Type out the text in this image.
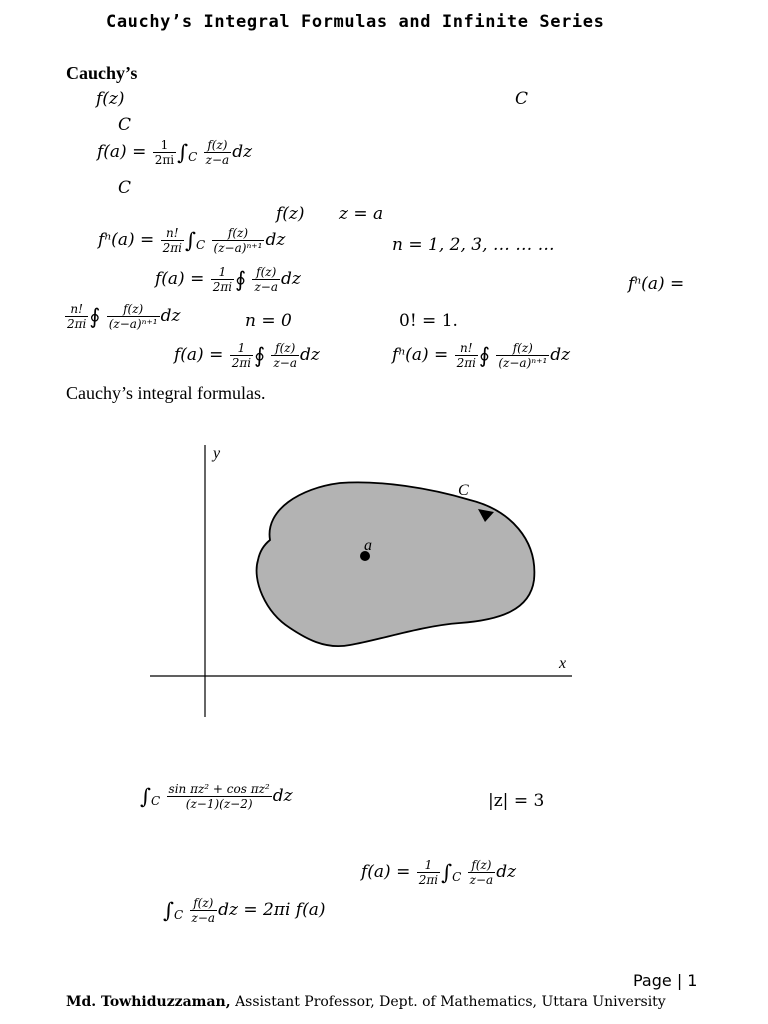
Cauchy’s Integral Formulas and Infinite Series
Cauchy’s
f(z)	C
C
$f(a) = \frac{1}{2\pi i} \int_C \frac{f(z)}{z-a}$ dz
C
f(z) z = a
$f^n(a) = \frac{n!}{2\pi i} \int_C \frac{f(z)}{\text{(z−a)ⁿ⁺¹}}$ dz	n = 1, 2, 3, … … …
$f(a) = \frac{1}{2\pi i}$ ∮ $\frac{f(z)}{z-a}$ dz	fⁿ(a) =
$\frac{n!}{2\pi i}$ ∮ $\frac{f(z)}{\text{(z−a)ⁿ⁺¹}}$ dz	n = 0	0! = 1.
$f(a) = \frac{1}{2\pi i}$ ∮ $\frac{f(z)}{z-a}$ dz	$f^n(a) = \frac{n!}{2\pi i}$ ∮ $\frac{f(z)}{\text{(z−a)ⁿ⁺¹}}$ dz
Cauchy’s integral formulas.
a
C
y
x
$\int_C \frac{\text{sin πz² + cos πz²}}{(z-1)(z-2)}$ dz	|z| = 3
$f(a) = \frac{1}{2\pi i} \int_C \frac{f(z)}{z-a}$ dz
$\int_C \frac{f(z)}{z-a}$ dz = 2πi f(a)
Page | 1
Md. Towhiduzzaman, Assistant Professor, Dept. of Mathematics, Uttara University
